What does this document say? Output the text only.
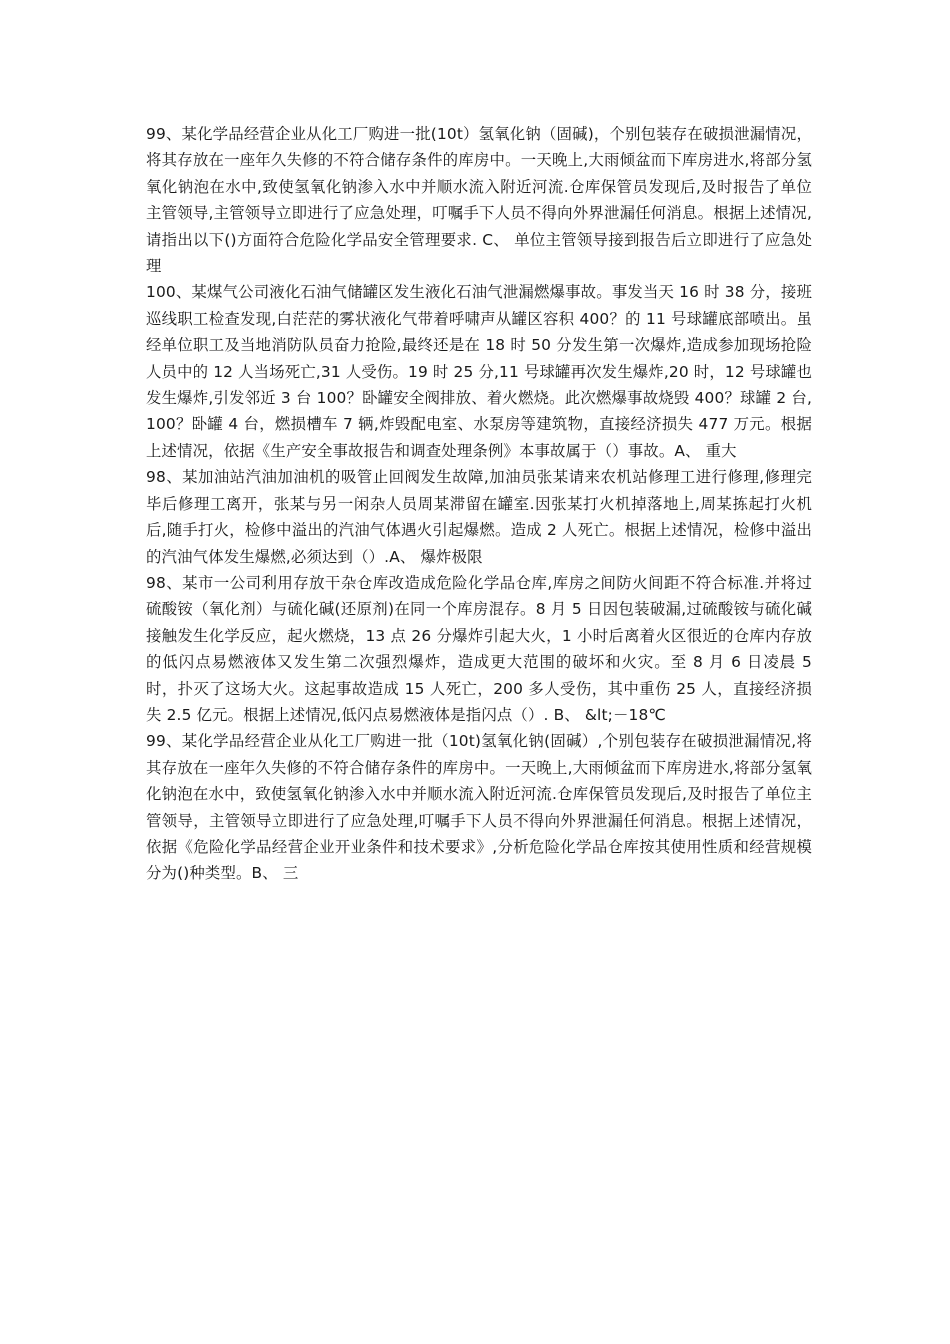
99、某化学品经营企业从化工厂购进一批(10t）氢氧化钠（固碱)，个别包装存在破损泄漏情况，将其存放在一座年久失修的不符合储存条件的库房中。一天晚上,大雨倾盆而下库房进水,将部分氢氧化钠泡在水中,致使氢氧化钠渗入水中并顺水流入附近河流.仓库保管员发现后,及时报告了单位主管领导,主管领导立即进行了应急处理，叮嘱手下人员不得向外界泄漏任何消息。根据上述情况,请指出以下()方面符合危险化学品安全管理要求. C、 单位主管领导接到报告后立即进行了应急处理

100、某煤气公司液化石油气储罐区发生液化石油气泄漏燃爆事故。事发当天 16 时 38 分，接班巡线职工检查发现,白茫茫的雾状液化气带着呼啸声从罐区容积 400？的 11 号球罐底部喷出。虽经单位职工及当地消防队员奋力抢险,最终还是在 18 时 50 分发生第一次爆炸,造成参加现场抢险人员中的 12 人当场死亡,31 人受伤。19 时 25 分,11 号球罐再次发生爆炸,20 时，12 号球罐也发生爆炸,引发邻近 3 台 100？卧罐安全阀排放、着火燃烧。此次燃爆事故烧毁 400？球罐 2 台,100？卧罐 4 台，燃损槽车 7 辆,炸毁配电室、水泵房等建筑物，直接经济损失 477 万元。根据上述情况，依据《生产安全事故报告和调查处理条例》本事故属于（）事故。A、 重大

98、某加油站汽油加油机的吸管止回阀发生故障,加油员张某请来农机站修理工进行修理,修理完毕后修理工离开，张某与另一闲杂人员周某滞留在罐室.因张某打火机掉落地上,周某拣起打火机后,随手打火，检修中溢出的汽油气体遇火引起爆燃。造成 2 人死亡。根据上述情况，检修中溢出的汽油气体发生爆燃,必须达到（）.A、 爆炸极限

98、某市一公司利用存放干杂仓库改造成危险化学品仓库,库房之间防火间距不符合标准.并将过硫酸铵（氧化剂）与硫化碱(还原剂)在同一个库房混存。8 月 5 日因包装破漏,过硫酸铵与硫化碱接触发生化学反应，起火燃烧，13 点 26 分爆炸引起大火，1 小时后离着火区很近的仓库内存放的低闪点易燃液体又发生第二次强烈爆炸，造成更大范围的破坏和火灾。至 8 月 6 日凌晨 5 时，扑灭了这场大火。这起事故造成 15 人死亡，200 多人受伤，其中重伤 25 人，直接经济损失 2.5 亿元。根据上述情况,低闪点易燃液体是指闪点（）. B、 &lt;－18℃

99、某化学品经营企业从化工厂购进一批（10t)氢氧化钠(固碱）,个别包装存在破损泄漏情况,将其存放在一座年久失修的不符合储存条件的库房中。一天晚上,大雨倾盆而下库房进水,将部分氢氧化钠泡在水中，致使氢氧化钠渗入水中并顺水流入附近河流.仓库保管员发现后,及时报告了单位主管领导，主管领导立即进行了应急处理,叮嘱手下人员不得向外界泄漏任何消息。根据上述情况，依据《危险化学品经营企业开业条件和技术要求》,分析危险化学品仓库按其使用性质和经营规模分为()种类型。B、 三
